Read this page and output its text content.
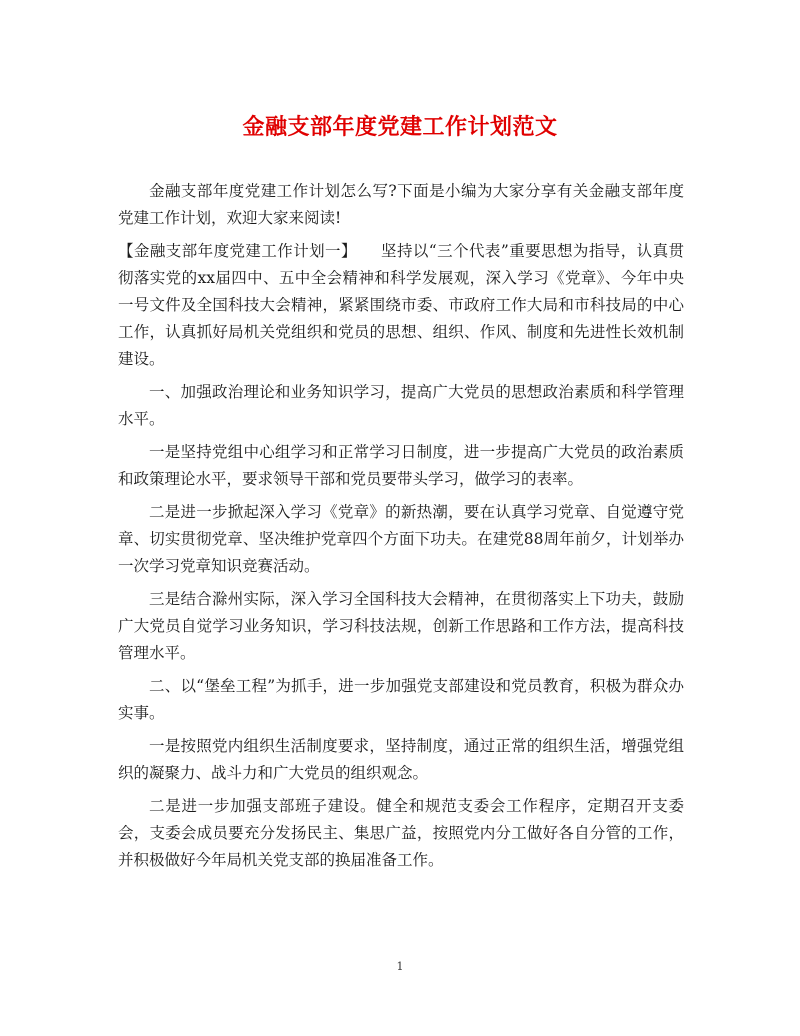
金融支部年度党建工作计划范文

金融支部年度党建工作计划怎么写?下面是小编为大家分享有关金融支部年度党建工作计划，欢迎大家来阅读!

【金融支部年度党建工作计划一】　　坚持以“三个代表”重要思想为指导，认真贯彻落实党的xx届四中、五中全会精神和科学发展观，深入学习《党章》、今年中央一号文件及全国科技大会精神，紧紧围绕市委、市政府工作大局和市科技局的中心工作，认真抓好局机关党组织和党员的思想、组织、作风、制度和先进性长效机制建设。

一、加强政治理论和业务知识学习，提高广大党员的思想政治素质和科学管理水平。

一是坚持党组中心组学习和正常学习日制度，进一步提高广大党员的政治素质和政策理论水平，要求领导干部和党员要带头学习，做学习的表率。

二是进一步掀起深入学习《党章》的新热潮，要在认真学习党章、自觉遵守党章、切实贯彻党章、坚决维护党章四个方面下功夫。在建党88周年前夕，计划举办一次学习党章知识竞赛活动。

三是结合滁州实际，深入学习全国科技大会精神，在贯彻落实上下功夫，鼓励广大党员自觉学习业务知识，学习科技法规，创新工作思路和工作方法，提高科技管理水平。

二、以“堡垒工程”为抓手，进一步加强党支部建设和党员教育，积极为群众办实事。

一是按照党内组织生活制度要求，坚持制度，通过正常的组织生活，增强党组织的凝聚力、战斗力和广大党员的组织观念。

二是进一步加强支部班子建设。健全和规范支委会工作程序，定期召开支委会，支委会成员要充分发扬民主、集思广益，按照党内分工做好各自分管的工作，并积极做好今年局机关党支部的换届准备工作。

1
